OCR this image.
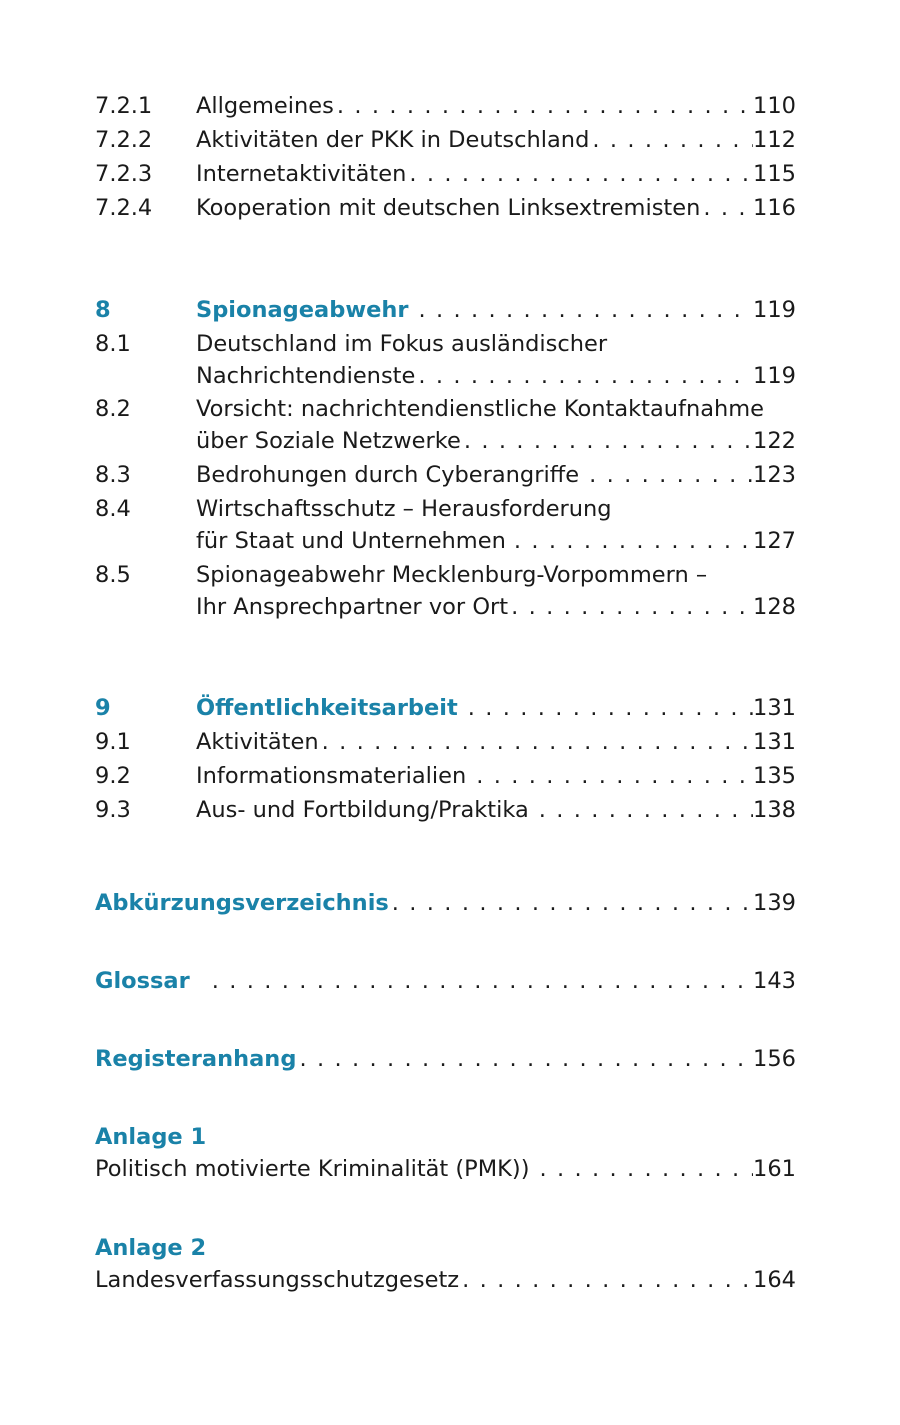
7.2.1 Allgemeines . . .	110
7.2.2 Aktivitäten der PKK in Deutschland . . .	112
7.2.3 Internetaktivitäten . . .	115
7.2.4 Kooperation mit deutschen Linksextremisten . . . 116
8	Spionageabwehr . . .	119
8.1	Deutschland im Fokus ausländischer
Nachrichtendienste . . .	119
8.2	Vorsicht: nachrichtendienstliche Kontaktaufnahme
über Soziale Netzwerke . . .	122
8.3	Bedrohungen durch Cyberangriffe . . .	123
8.4	Wirtschaftsschutz – Herausforderung
für Staat und Unternehmen . . .	127
8.5	Spionageabwehr Mecklenburg-Vorpommern –
Ihr Ansprechpartner vor Ort . . .	128
9	Öffentlichkeitsarbeit . . .	131
9.1	Aktivitäten . . .	131
9.2	Informationsmaterialien . . .	135
9.3	Aus- und Fortbildung/Praktika . . .	138
Abkürzungsverzeichnis . . .	139
Glossar . . .	143
Registeranhang . . .	156
Anlage 1
Politisch motivierte Kriminalität (PMK)) . . .	161
Anlage 2
Landesverfassungsschutzgesetz . . .	164
